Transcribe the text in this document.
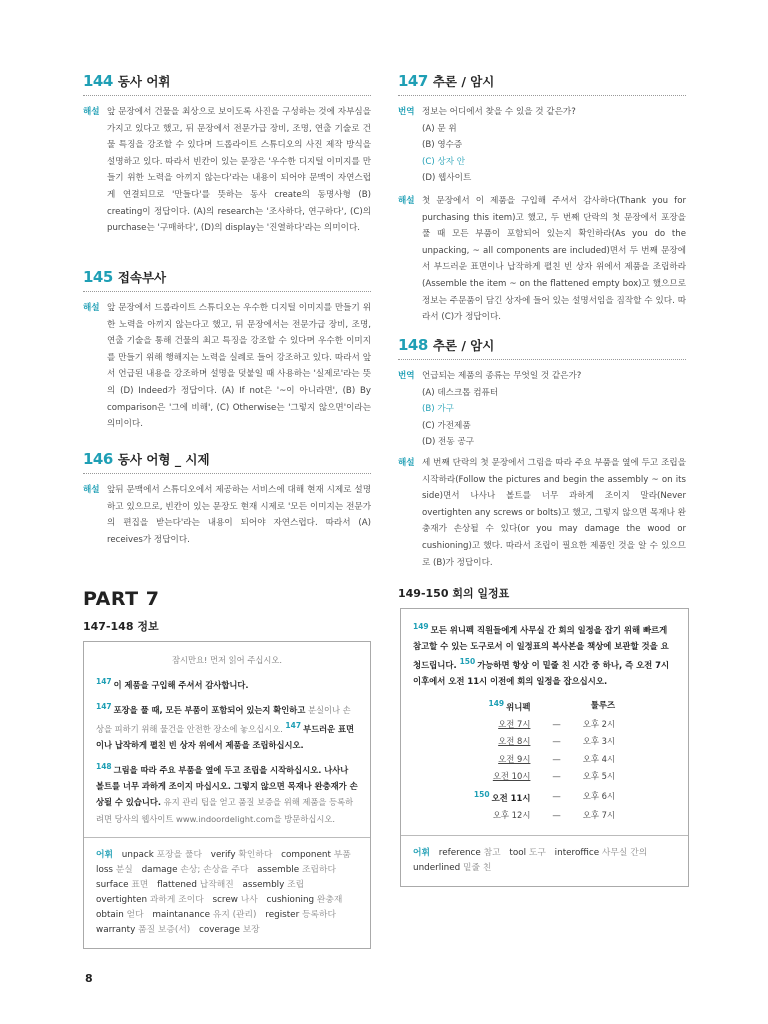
144 동사 어휘
해설 앞 문장에서 건물을 최상으로 보이도록 사진을 구성하는 것에 자부심을 가지고 있다고 했고, 뒤 문장에서 전문가급 장비, 조명, 연출 기술로 건물 특징을 강조할 수 있다며 드롭라이트 스튜디오의 사진 제작 방식을 설명하고 있다. 따라서 빈칸이 있는 문장은 '우수한 디지털 이미지를 만들기 위한 노력을 아끼지 않는다'라는 내용이 되어야 문맥이 자연스럽게 연결되므로 '만들다'를 뜻하는 동사 create의 동명사형 (B) creating이 정답이다. (A)의 research는 '조사하다, 연구하다', (C)의 purchase는 '구매하다', (D)의 display는 '진열하다'라는 의미이다.
145 접속부사
해설 앞 문장에서 드롭라이트 스튜디오는 우수한 디지털 이미지를 만들기 위한 노력을 아끼지 않는다고 했고, 뒤 문장에서는 전문가급 장비, 조명, 연출 기술을 통해 건물의 최고 특징을 강조할 수 있다며 우수한 이미지를 만들기 위해 행해지는 노력을 실례로 들어 강조하고 있다. 따라서 앞서 언급된 내용을 강조하며 설명을 덧붙일 때 사용하는 '실제로'라는 뜻의 (D) Indeed가 정답이다. (A) If not은 '~이 아니라면', (B) By comparison은 '그에 비해', (C) Otherwise는 '그렇지 않으면'이라는 의미이다.
146 동사 어형 _ 시제
해설 앞뒤 문맥에서 스튜디오에서 제공하는 서비스에 대해 현재 시제로 설명하고 있으므로, 빈칸이 있는 문장도 현재 시제로 '모든 이미지는 전문가의 편집을 받는다'라는 내용이 되어야 자연스럽다. 따라서 (A) receives가 정답이다.
PART 7
147-148 정보
잠시만요! 먼저 읽어 주십시오.
147 이 제품을 구입해 주셔서 감사합니다.
147 포장을 풀 때, 모든 부품이 포함되어 있는지 확인하고 분실이나 손상을 피하기 위해 물건을 안전한 장소에 놓으십시오. 147 부드러운 표면이나 납작하게 펼친 빈 상자 위에서 제품을 조립하십시오.
148 그림을 따라 주요 부품을 옆에 두고 조립을 시작하십시오. 나사나 볼트를 너무 과하게 조이지 마십시오. 그렇지 않으면 목재나 완충재가 손상될 수 있습니다. 유지 관리 팁을 얻고 품질 보증을 위해 제품을 등록하려면 당사의 웹사이트 www.indoordelight.com을 방문하십시오.
어휘 unpack 포장을 풀다 verify 확인하다 component 부품 loss 분실 damage 손상; 손상을 주다 assemble 조립하다 surface 표면 flattened 납작해진 assembly 조립 overtighten 과하게 조이다 screw 나사 cushioning 완충재 obtain 얻다 maintanance 유지 (관리) register 등록하다 warranty 품질 보증(서) coverage 보장
147 추론 / 암시
번역 정보는 어디에서 찾을 수 있을 것 같은가?
(A) 문 위
(B) 영수증
(C) 상자 안
(D) 웹사이트
해설 첫 문장에서 이 제품을 구입해 주셔서 감사하다(Thank you for purchasing this item)고 했고, 두 번째 단락의 첫 문장에서 포장을 풀 때 모든 부품이 포함되어 있는지 확인하라(As you do the unpacking, ~ all components are included)면서 두 번째 문장에서 부드러운 표면이나 납작하게 펼친 빈 상자 위에서 제품을 조립하라(Assemble the item ~ on the flattened empty box)고 했으므로 정보는 주문품이 담긴 상자에 들어 있는 설명서임을 짐작할 수 있다. 따라서 (C)가 정답이다.
148 추론 / 암시
번역 언급되는 제품의 종류는 무엇일 것 같은가?
(A) 데스크톱 컴퓨터
(B) 가구
(C) 가전제품
(D) 전동 공구
해설 세 번째 단락의 첫 문장에서 그림을 따라 주요 부품을 옆에 두고 조립을 시작하라(Follow the pictures and begin the assembly ~ on its side)면서 나사나 볼트를 너무 과하게 조이지 말라(Never overtighten any screws or bolts)고 했고, 그렇지 않으면 목재나 완충재가 손상될 수 있다(or you may damage the wood or cushioning)고 했다. 따라서 조립이 필요한 제품인 것을 알 수 있으므로 (B)가 정답이다.
149-150 회의 일정표
149 모든 위니펙 직원들에게 사무실 간 회의 일정을 잡기 위해 빠르게 참고할 수 있는 도구로서 이 일정표의 복사본을 책상에 보관할 것을 요청드립니다. 150 가능하면 항상 이 밑줄 친 시간 중 하나, 즉 오전 7시 이후에서 오전 11시 이전에 회의 일정을 잡으십시오.
149 위니펙		툴루즈
오전 7시	—	오후 2시
오전 8시	—	오후 3시
오전 9시	—	오후 4시
오전 10시	—	오후 5시
150 오전 11시	—	오후 6시
오후 12시	—	오후 7시
어휘 reference 참고 tool 도구 interoffice 사무실 간의 underlined 밑줄 친
8
